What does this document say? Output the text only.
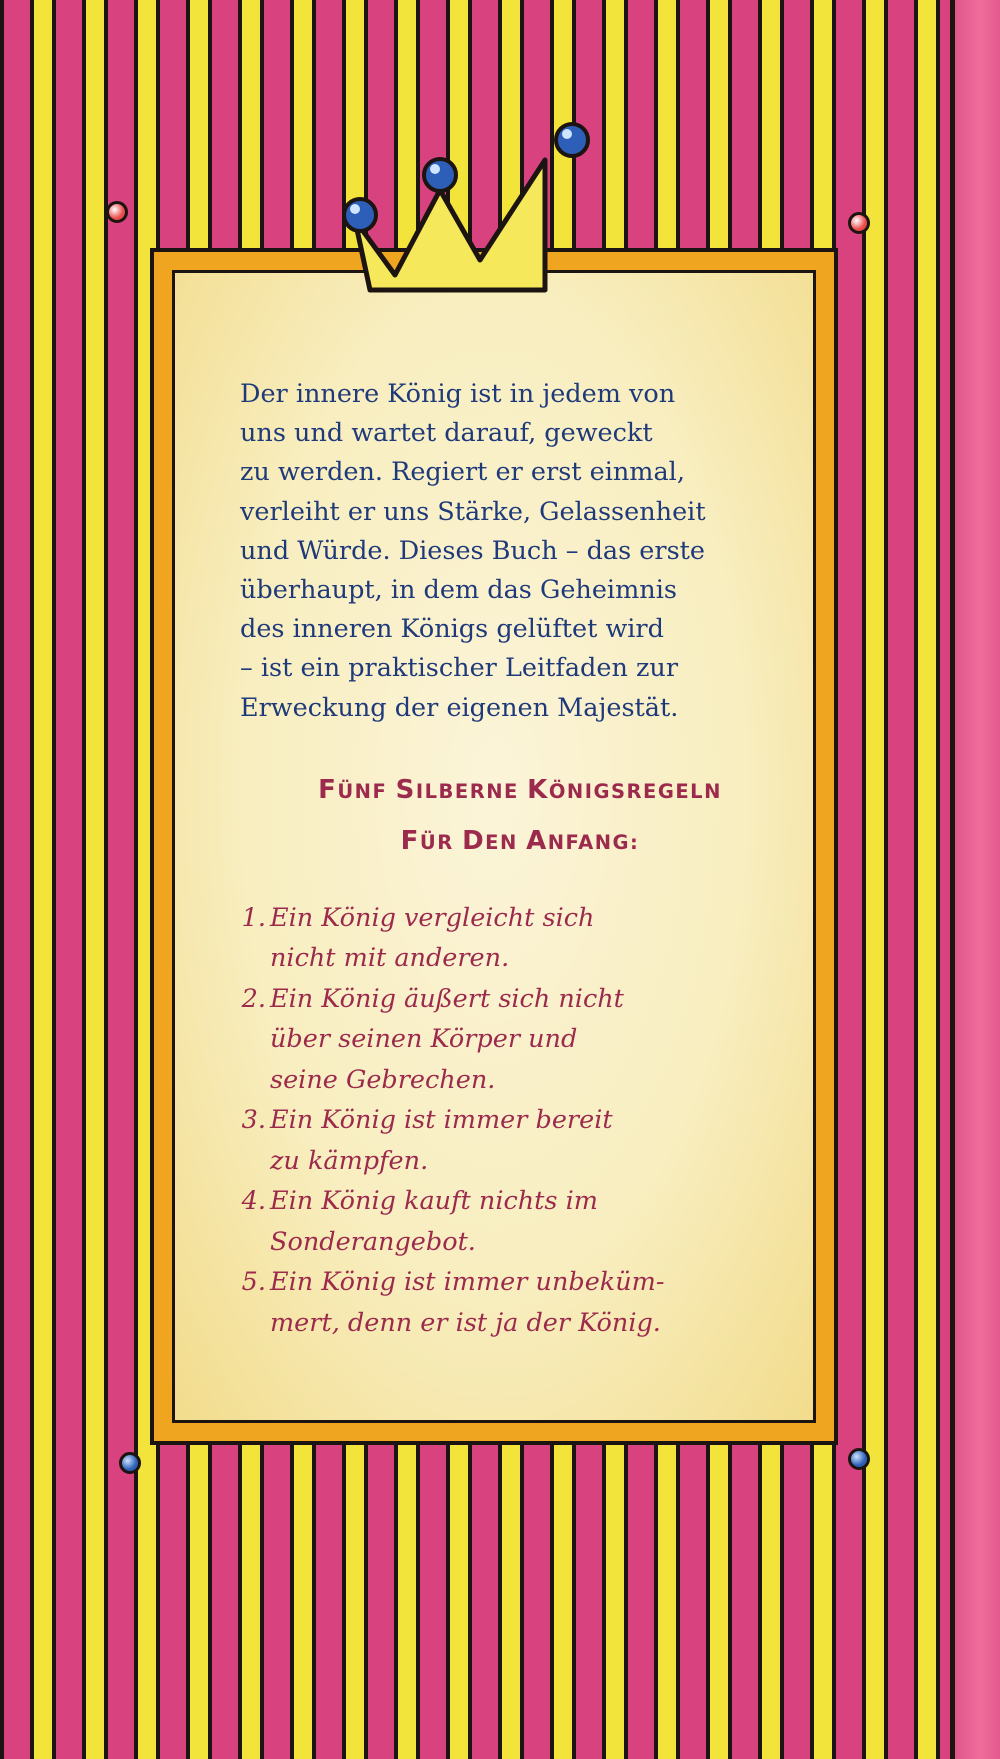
Der innere König ist in jedem von

uns und wartet darauf, geweckt

zu werden. Regiert er erst einmal,

verleiht er uns Stärke, Gelassenheit

und Würde. Dieses Buch – das erste

überhaupt, in dem das Geheimnis

des inneren Königs gelüftet wird

– ist ein praktischer Leitfaden zur

Erweckung der eigenen Majestät.

FÜNF SILBERNE KÖNIGSREGELN
FÜR DEN ANFANG:
1. Ein König vergleicht sich
nicht mit anderen.
2. Ein König äußert sich nicht
über seinen Körper und
seine Gebrechen.
3. Ein König ist immer bereit
zu kämpfen.
4. Ein König kauft nichts im
Sonderangebot.
5. Ein König ist immer unbeküm-
mert, denn er ist ja der König.
